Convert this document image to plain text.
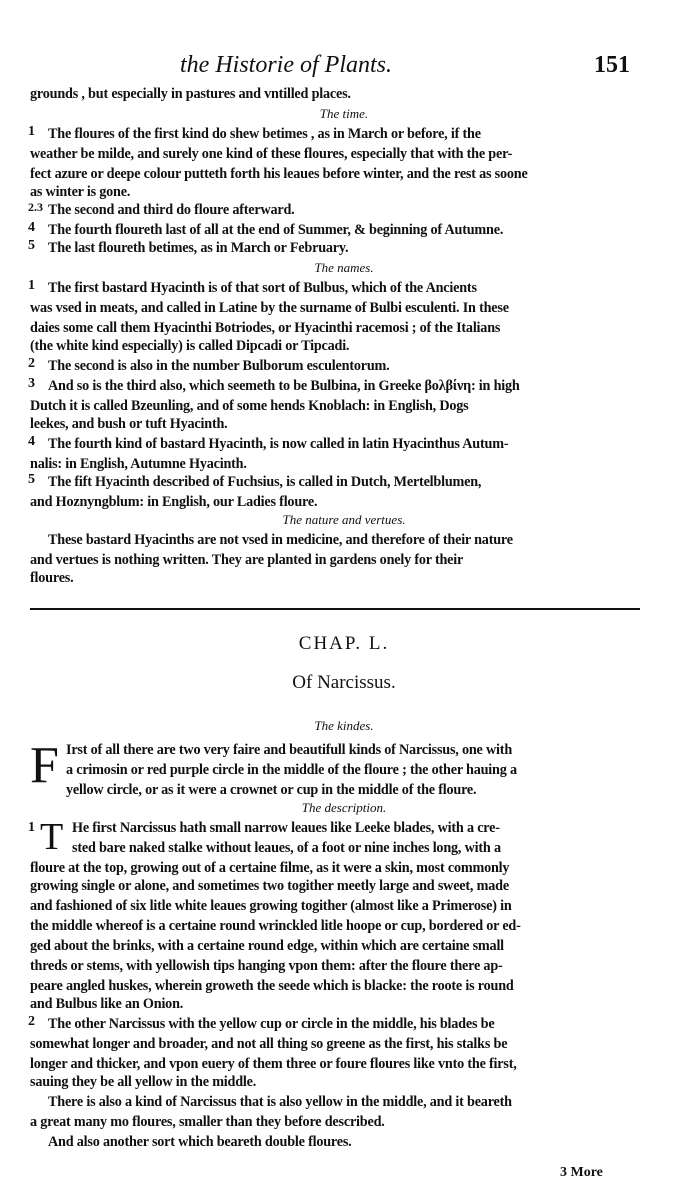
the Historie of Plants.	151
grounds , but especially in pastures and vntilled places.
The time.
1 The floures of the first kind do shew betimes , as in March or before, if the
weather be milde, and surely one kind of these floures, especially that with the per-
fect azure or deepe colour putteth forth his leaues before winter, and the rest as soone
as winter is gone.
2.3 The second and third do floure afterward.
4 The fourth floureth last of all at the end of Summer, & beginning of Autumne.
5 The last floureth betimes, as in March or February.
The names.
1 The first bastard Hyacinth is of that sort of Bulbus, which of the Ancients
was vsed in meats, and called in Latine by the surname of Bulbi esculenti. In these
daies some call them Hyacinthi Botriodes, or Hyacinthi racemosi ; of the Italians
(the white kind especially) is called Dipcadi or Tipcadi.
2 The second is also in the number Bulborum esculentorum.
3 And so is the third also, which seemeth to be Bulbina, in Greeke βολβίνη: in high
Dutch it is called Bzeunling, and of some hends Knoblach: in English, Dogs
leekes, and bush or tuft Hyacinth.
4 The fourth kind of bastard Hyacinth, is now called in latin Hyacinthus Autum-
nalis: in English, Autumne Hyacinth.
5 The fift Hyacinth described of Fuchsius, is called in Dutch, Mertelblumen,
and Hoznyngblum: in English, our Ladies floure.
The nature and vertues.
These bastard Hyacinths are not vsed in medicine, and therefore of their nature
and vertues is nothing written. They are planted in gardens onely for their
floures.
CHAP. L.
Of Narcissus.
The kindes.
F Irst of all there are two very faire and beautifull kinds of Narcissus, one with
a crimosin or red purple circle in the middle of the floure ; the other hauing a
yellow circle, or as it were a crownet or cup in the middle of the floure.
The description.
1 T He first Narcissus hath small narrow leaues like Leeke blades, with a cre-
sted bare naked stalke without leaues, of a foot or nine inches long, with a
floure at the top, growing out of a certaine filme, as it were a skin, most commonly
growing single or alone, and sometimes two togither meetly large and sweet, made
and fashioned of six litle white leaues growing togither (almost like a Primerose) in
the middle whereof is a certaine round wrinckled litle hoope or cup, bordered or ed-
ged about the brinks, with a certaine round edge, within which are certaine small
threds or stems, with yellowish tips hanging vpon them: after the floure there ap-
peare angled huskes, wherein groweth the seede which is blacke: the roote is round
and Bulbus like an Onion.
2 The other Narcissus with the yellow cup or circle in the middle, his blades be
somewhat longer and broader, and not all thing so greene as the first, his stalks be
longer and thicker, and vpon euery of them three or foure floures like vnto the first,
sauing they be all yellow in the middle.
There is also a kind of Narcissus that is also yellow in the middle, and it beareth
a great many mo floures, smaller than they before described.
And also another sort which beareth double floures.
3 More
